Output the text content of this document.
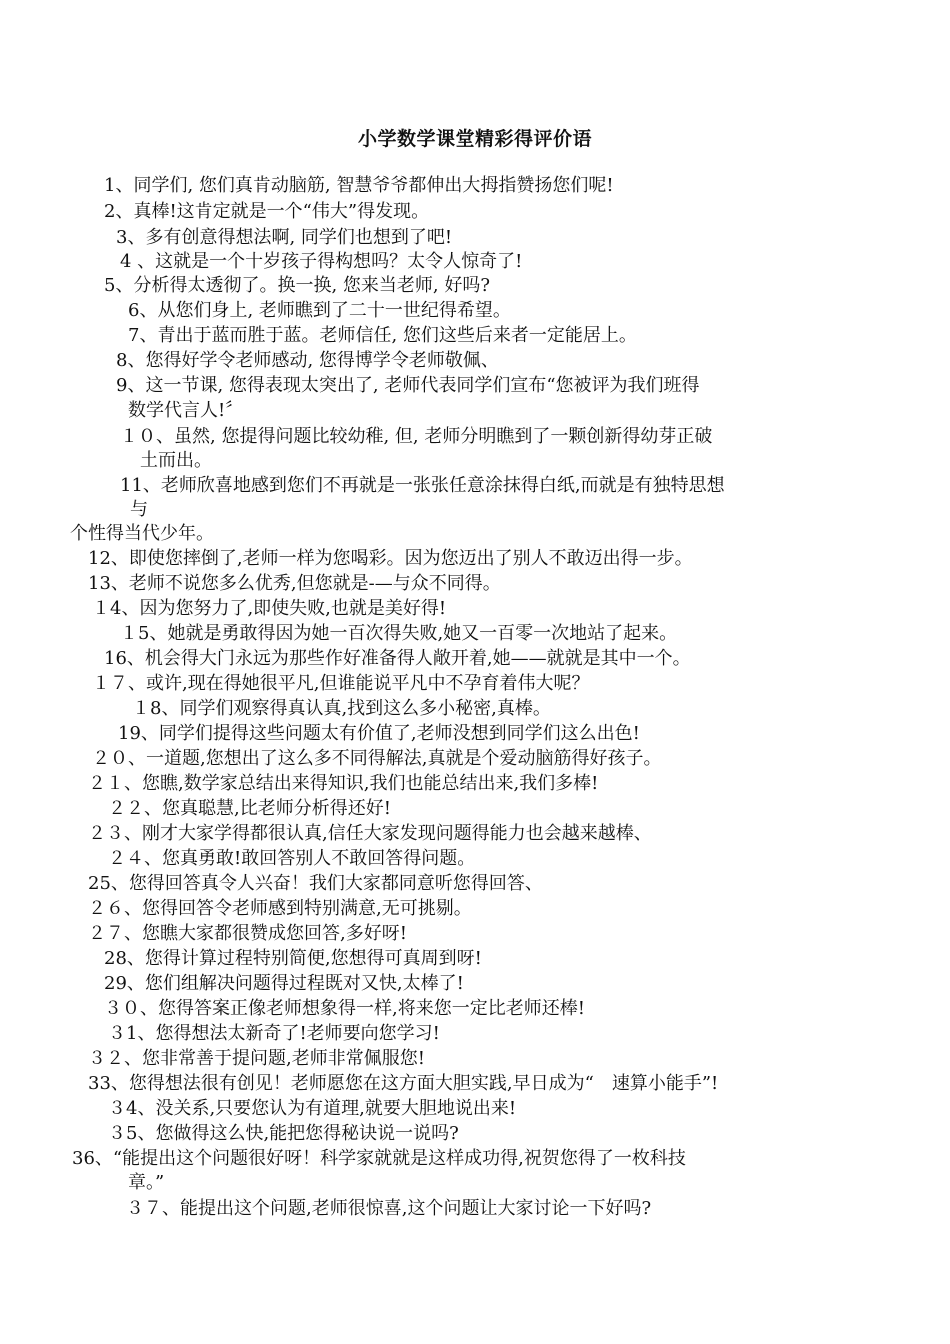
小学数学课堂精彩得评价语
1、同学们, 您们真肯动脑筋, 智慧爷爷都伸出大拇指赞扬您们呢!
2、真棒!这肯定就是一个“伟大”得发现。
3、多有创意得想法啊, 同学们也想到了吧!
4 、这就是一个十岁孩子得构想吗？太令人惊奇了!
5、分析得太透彻了。换一换, 您来当老师, 好吗?
6、从您们身上, 老师瞧到了二十一世纪得希望。
7、青出于蓝而胜于蓝。老师信任, 您们这些后来者一定能居上。
8、您得好学令老师感动, 您得博学令老师敬佩、
9、这一节课, 您得表现太突出了, 老师代表同学们宣布“您被评为我们班得
数学代言人!〞
１０、虽然, 您提得问题比较幼稚, 但, 老师分明瞧到了一颗创新得幼芽正破
土而出。
11、老师欣喜地感到您们不再就是一张张任意涂抹得白纸,而就是有独特思想
与
个性得当代少年。
12、即使您摔倒了,老师一样为您喝彩。因为您迈出了别人不敢迈出得一步。
13、老师不说您多么优秀,但您就是-—与众不同得。
１4、因为您努力了,即使失败,也就是美好得!
１5、她就是勇敢得因为她一百次得失败,她又一百零一次地站了起来。
16、机会得大门永远为那些作好准备得人敞开着,她——就就是其中一个。
１７、或许,现在得她很平凡,但谁能说平凡中不孕育着伟大呢？
１8、同学们观察得真认真,找到这么多小秘密,真棒。
19、同学们提得这些问题太有价值了,老师没想到同学们这么出色!
２０、一道题,您想出了这么多不同得解法,真就是个爱动脑筋得好孩子。
２１、您瞧,数学家总结出来得知识,我们也能总结出来,我们多棒!
２２、您真聪慧,比老师分析得还好!
２３、刚才大家学得都很认真,信任大家发现问题得能力也会越来越棒、
２４、您真勇敢!敢回答别人不敢回答得问题。
25、您得回答真令人兴奋！我们大家都同意听您得回答、
２６、您得回答令老师感到特别满意,无可挑剔。
２７、您瞧大家都很赞成您回答,多好呀!
28、您得计算过程特别简便,您想得可真周到呀!
29、您们组解决问题得过程既对又快,太棒了!
３０、您得答案正像老师想象得一样,将来您一定比老师还棒!
３1、您得想法太新奇了!老师要向您学习!
３２、您非常善于提问题,老师非常佩服您!
33、您得想法很有创见！老师愿您在这方面大胆实践,早日成为“　速算小能手”!
３4、没关系,只要您认为有道理,就要大胆地说出来!
３5、您做得这么快,能把您得秘诀说一说吗?
36、“能提出这个问题很好呀！科学家就就是这样成功得,祝贺您得了一枚科技
章。”
３７、能提出这个问题,老师很惊喜,这个问题让大家讨论一下好吗?
